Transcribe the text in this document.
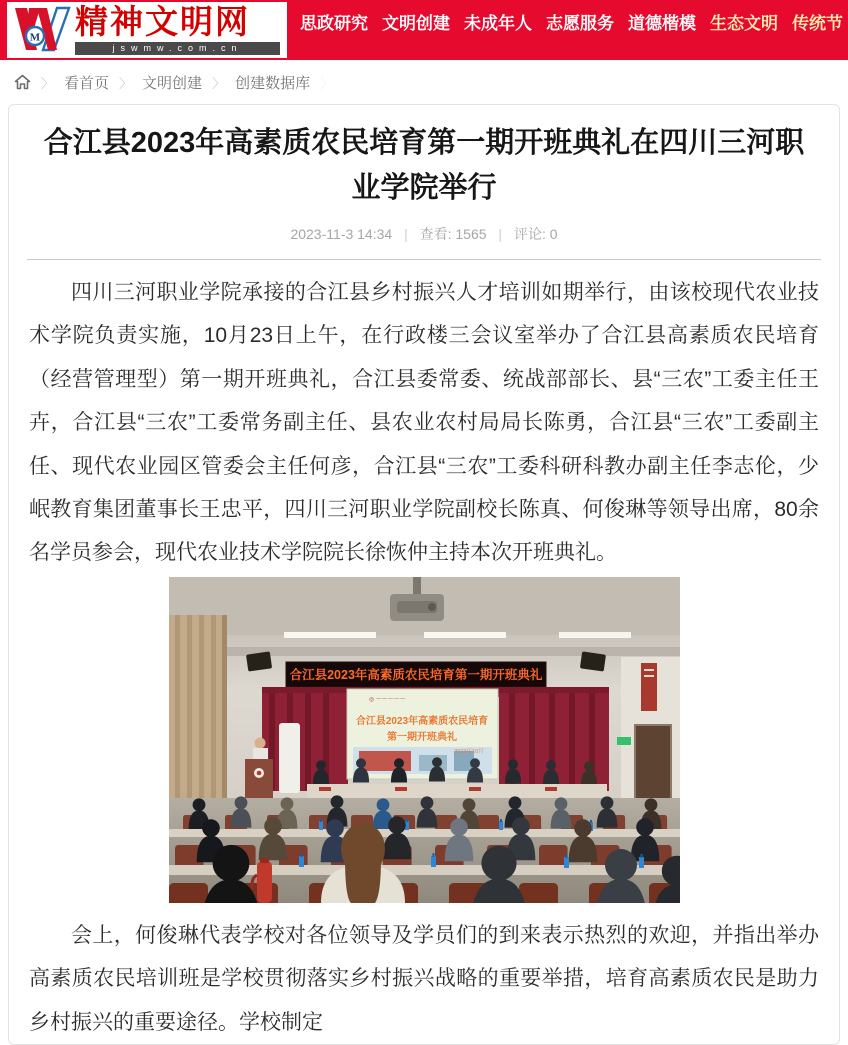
M 精神文明网
jswmw.com.cn
思政研究 文明创建 未成年人 志愿服务 道德楷模 生态文明 传统节
〉 看首页 〉 文明创建 〉 创建数据库 〉
合江县2023年高素质农民培育第一期开班典礼在四川三河职业学院举行
2023-11-3 14:34 | 查看: 1565 | 评论: 0

四川三河职业学院承接的合江县乡村振兴人才培训如期举行，由该校现代农业技术学院负责实施，10月23日上午，在行政楼三会议室举办了合江县高素质农民培育（经营管理型）第一期开班典礼，合江县委常委、统战部部长、县“三农”工委主任王卉，合江县“三农”工委常务副主任、县农业农村局局长陈勇，合江县“三农”工委副主任、现代农业园区管委会主任何彦，合江县“三农”工委科研科教办副主任李志伦，少岷教育集团董事长王忠平，四川三河职业学院副校长陈真、何俊琳等领导出席，80余名学员参会，现代农业技术学院院长徐恢仲主持本次开班典礼。

合江县2023年高素质农民培育第一期开班典礼
◎ ～～～～～
合江县2023年高素质农民培育
第一期开班典礼
2023年10月

会上，何俊琳代表学校对各位领导及学员们的到来表示热烈的欢迎，并指出举办高素质农民培训班是学校贯彻落实乡村振兴战略的重要举措，培育高素质农民是助力乡村振兴的重要途径。学校制定
